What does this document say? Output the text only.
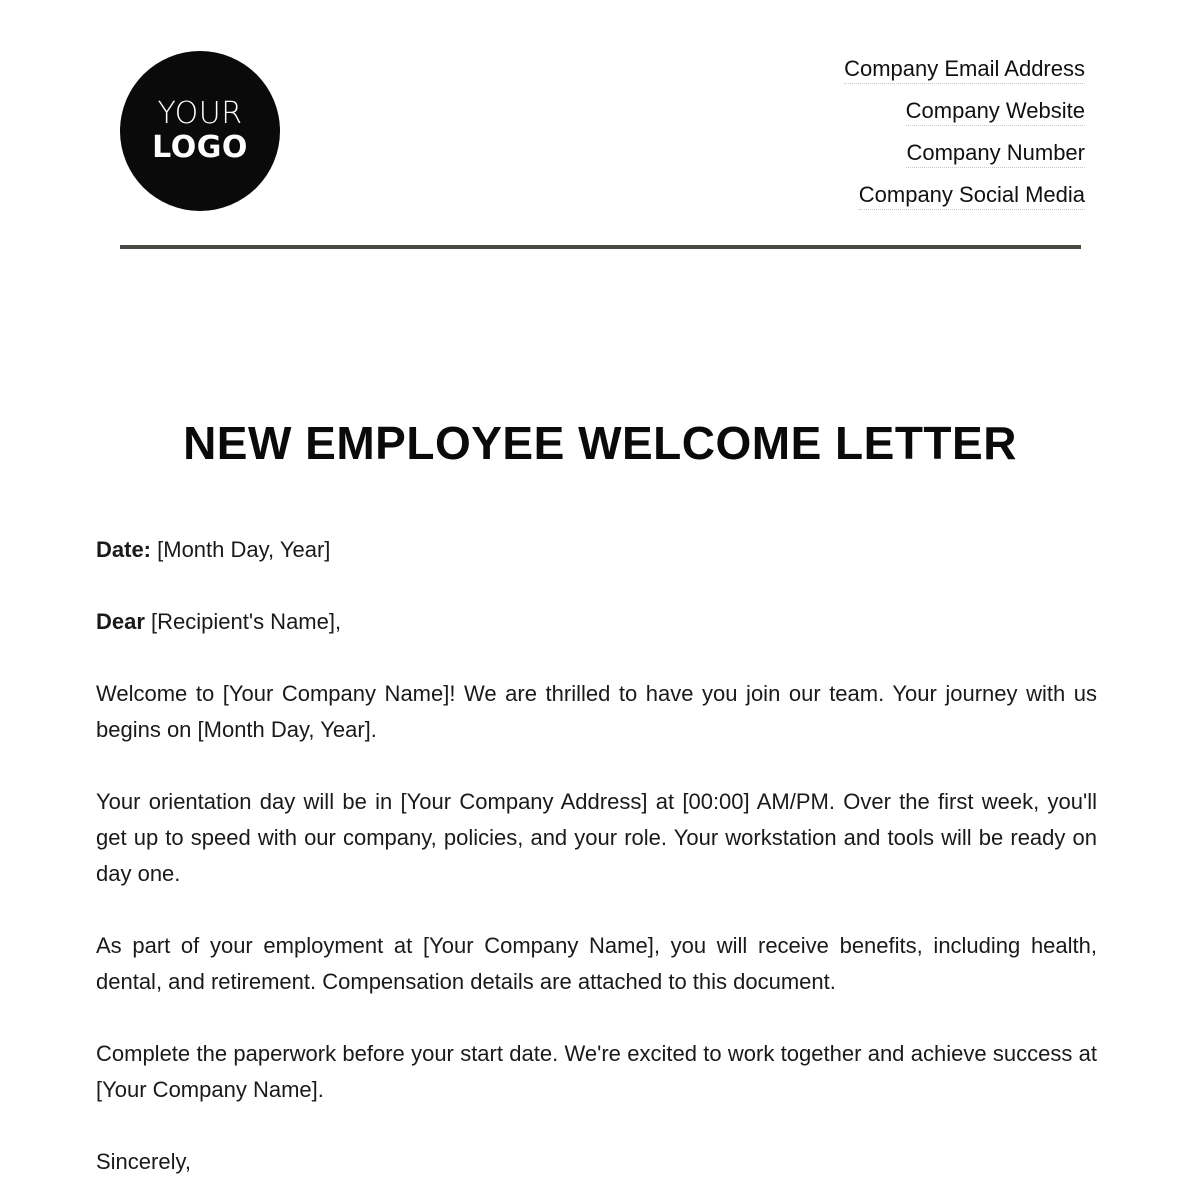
YOUR
LOGO
Company Email Address
Company Website
Company Number
Company Social Media
NEW EMPLOYEE WELCOME LETTER

Date: [Month Day, Year]

Dear [Recipient's Name],

Welcome to [Your Company Name]! We are thrilled to have you join our team. Your journey with us begins on [Month Day, Year].

Your orientation day will be in [Your Company Address] at [00:00] AM/PM. Over the first week, you'll get up to speed with our company, policies, and your role. Your workstation and tools will be ready on day one.

As part of your employment at [Your Company Name], you will receive benefits, including health, dental, and retirement. Compensation details are attached to this document.

Complete the paperwork before your start date. We're excited to work together and achieve success at [Your Company Name].

Sincerely,
